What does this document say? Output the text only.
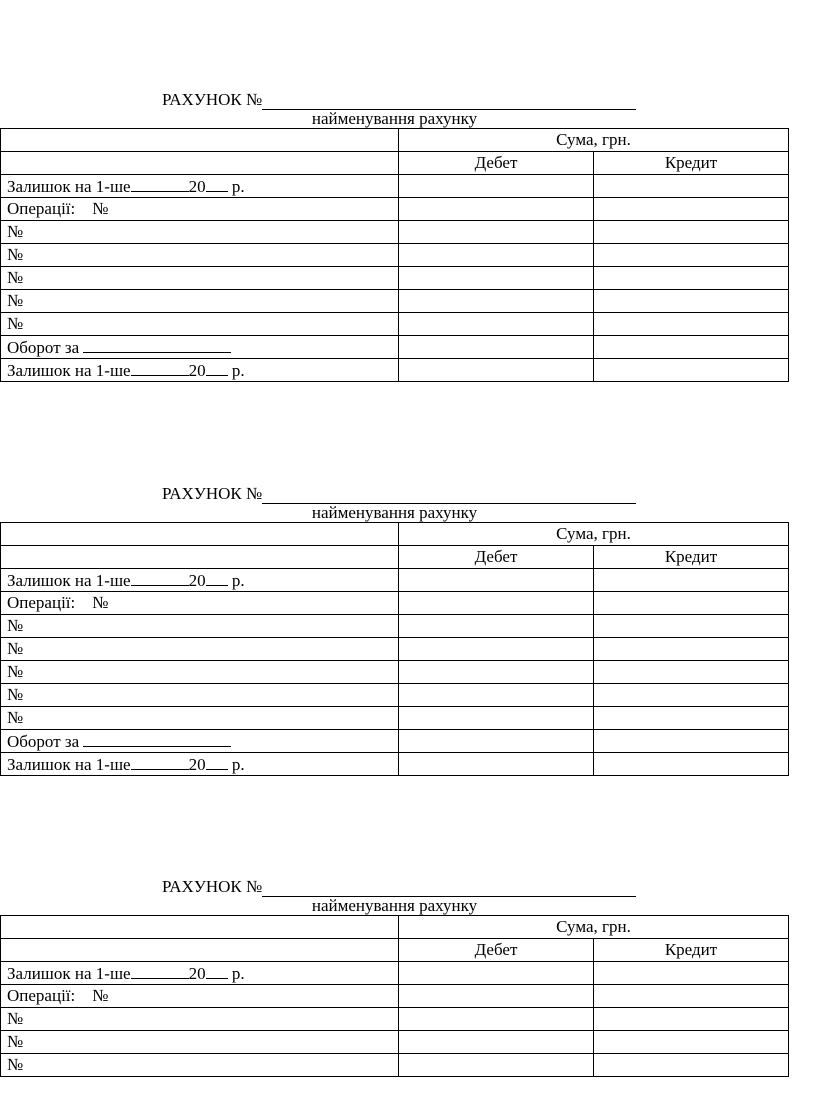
РАХУНОК №
найменування рахунку
	Сума, грн.	
	Дебет	Кредит
Залишок на 1-ше 20 р.		
Операції: №		
№		
№		
№		
№		
№		
Оборот за		
Залишок на 1-ше 20 р.		
РАХУНОК №
найменування рахунку
	Сума, грн.	
	Дебет	Кредит
Залишок на 1-ше 20 р.		
Операції: №		
№		
№		
№		
№		
№		
Оборот за		
Залишок на 1-ше 20 р.		
РАХУНОК №
найменування рахунку
	Сума, грн.	
	Дебет	Кредит
Залишок на 1-ше 20 р.		
Операції: №		
№		
№		
№		
